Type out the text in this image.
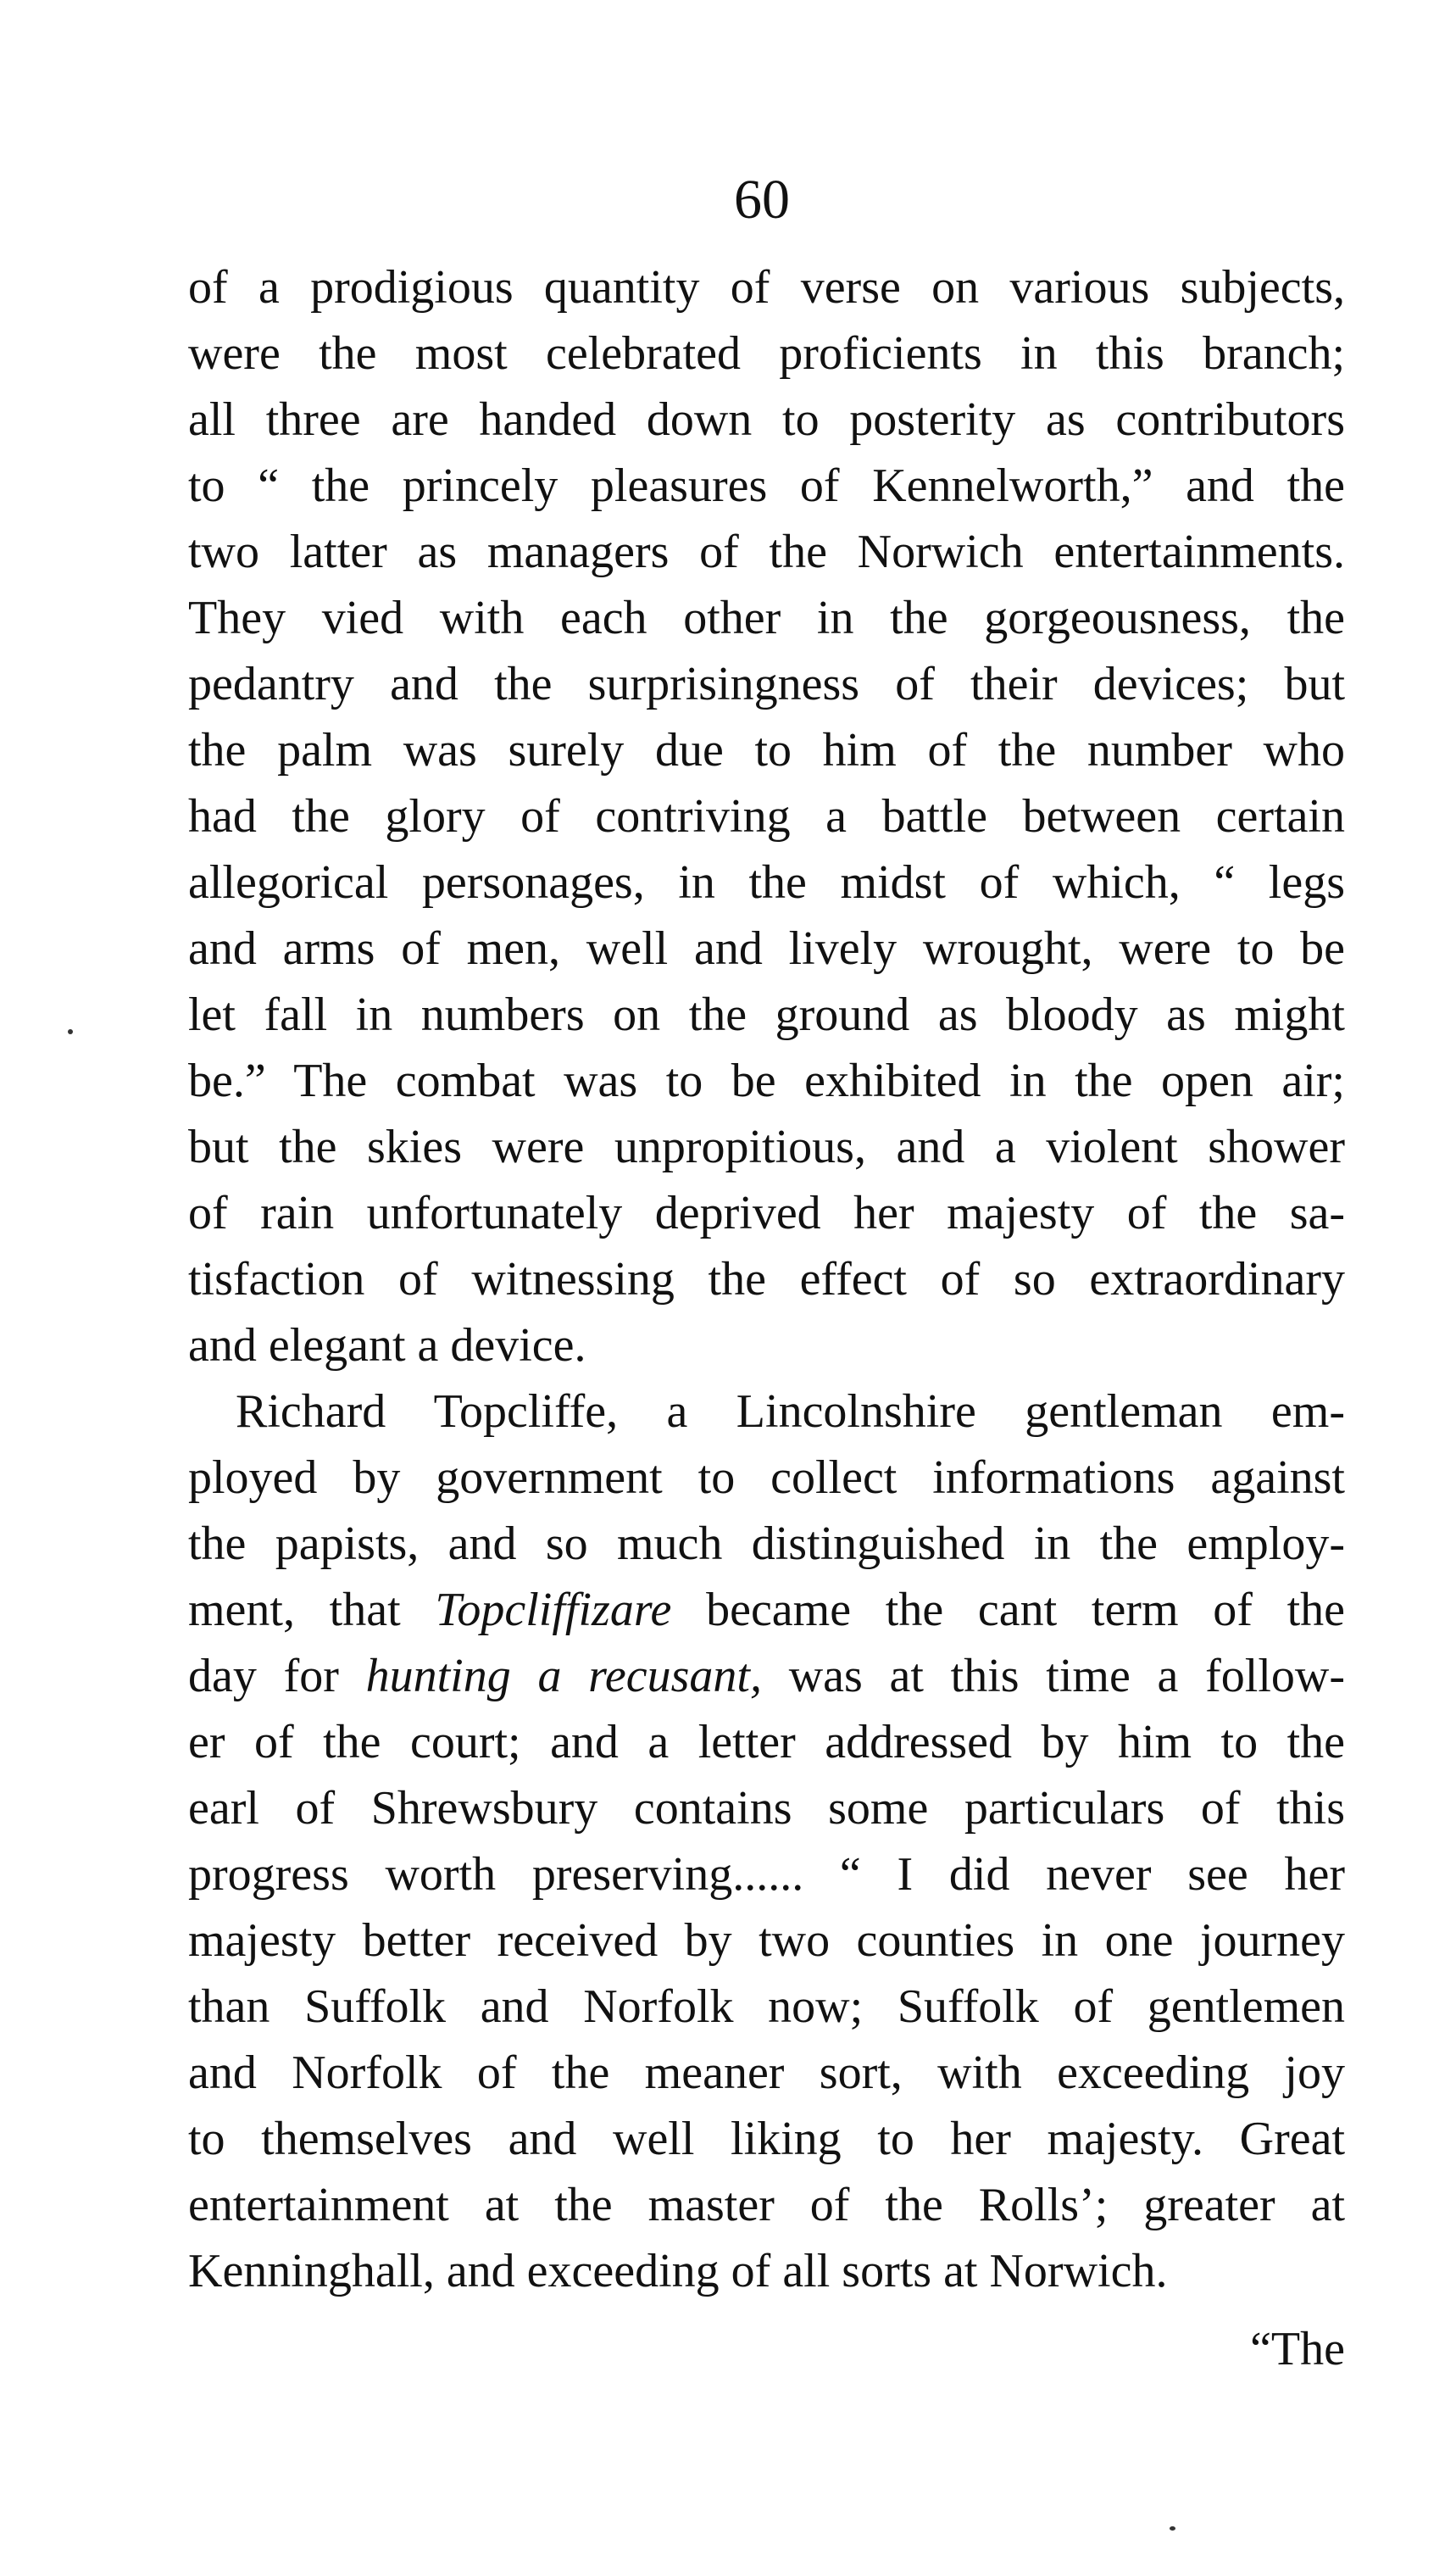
60
of a prodigious quantity of verse on various subjects,
were the most celebrated proficients in this branch;
all three are handed down to posterity as contributors
to “ the princely pleasures of Kennelworth,” and the
two latter as managers of the Norwich entertainments.
They vied with each other in the gorgeousness, the
pedantry and the surprisingness of their devices; but
the palm was surely due to him of the number who
had the glory of contriving a battle between certain
allegorical personages, in the midst of which, “ legs
and arms of men, well and lively wrought, were to be
let fall in numbers on the ground as bloody as might
be.” The combat was to be exhibited in the open air;
but the skies were unpropitious, and a violent shower
of rain unfortunately deprived her majesty of the sa-
tisfaction of witnessing the effect of so extraordinary
and elegant a device.
Richard Topcliffe, a Lincolnshire gentleman em-
ployed by government to collect informations against
the papists, and so much distinguished in the employ-
ment, that Topcliffizare became the cant term of the
day for hunting a recusant, was at this time a follow-
er of the court; and a letter addressed by him to the
earl of Shrewsbury contains some particulars of this
progress worth preserving...... “ I did never see her
majesty better received by two counties in one journey
than Suffolk and Norfolk now; Suffolk of gentlemen
and Norfolk of the meaner sort, with exceeding joy
to themselves and well liking to her majesty. Great
entertainment at the master of the Rolls’; greater at
Kenninghall, and exceeding of all sorts at Norwich.
“The
